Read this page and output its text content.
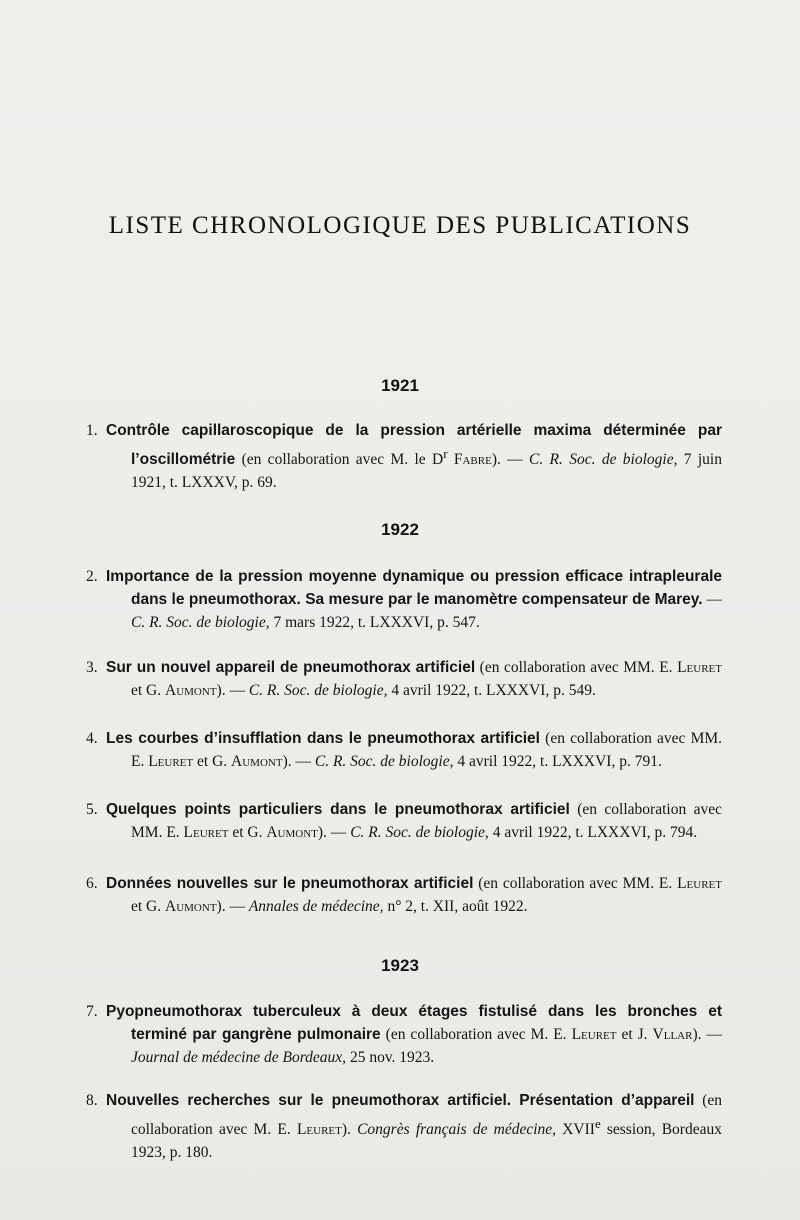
LISTE CHRONOLOGIQUE DES PUBLICATIONS
1921
1. Contrôle capillaroscopique de la pression artérielle maxima déterminée par l’oscillométrie (en collaboration avec M. le $D^r$ Fabre). — C. R. Soc. de biologie, 7 juin 1921, t. LXXXV, p. 69.
1922
2. Importance de la pression moyenne dynamique ou pression efficace intrapleurale dans le pneumothorax. Sa mesure par le manomètre compensateur de Marey. — C. R. Soc. de biologie, 7 mars 1922, t. LXXXVI, p. 547.
3. Sur un nouvel appareil de pneumothorax artificiel (en collaboration avec MM. E. Leuret et G. Aumont). — C. R. Soc. de biologie, 4 avril 1922, t. LXXXVI, p. 549.
4. Les courbes d’insufflation dans le pneumothorax artificiel (en collaboration avec MM. E. Leuret et G. Aumont). — C. R. Soc. de biologie, 4 avril 1922, t. LXXXVI, p. 791.
5. Quelques points particuliers dans le pneumothorax artificiel (en collaboration avec MM. E. Leuret et G. Aumont). — C. R. Soc. de biologie, 4 avril 1922, t. LXXXVI, p. 794.
6. Données nouvelles sur le pneumothorax artificiel (en collaboration avec MM. E. Leuret et G. Aumont). — Annales de médecine, n° 2, t. XII, août 1922.
1923
7. Pyopneumothorax tuberculeux à deux étages fistulisé dans les bronches et terminé par gangrène pulmonaire (en collaboration avec M. E. Leuret et J. Vllar). — Journal de médecine de Bordeaux, 25 nov. 1923.
8. Nouvelles recherches sur le pneumothorax artificiel. Présentation d’appareil (en collaboration avec M. E. Leuret). Congrès français de médecine, XVIIe session, Bordeaux 1923, p. 180.
